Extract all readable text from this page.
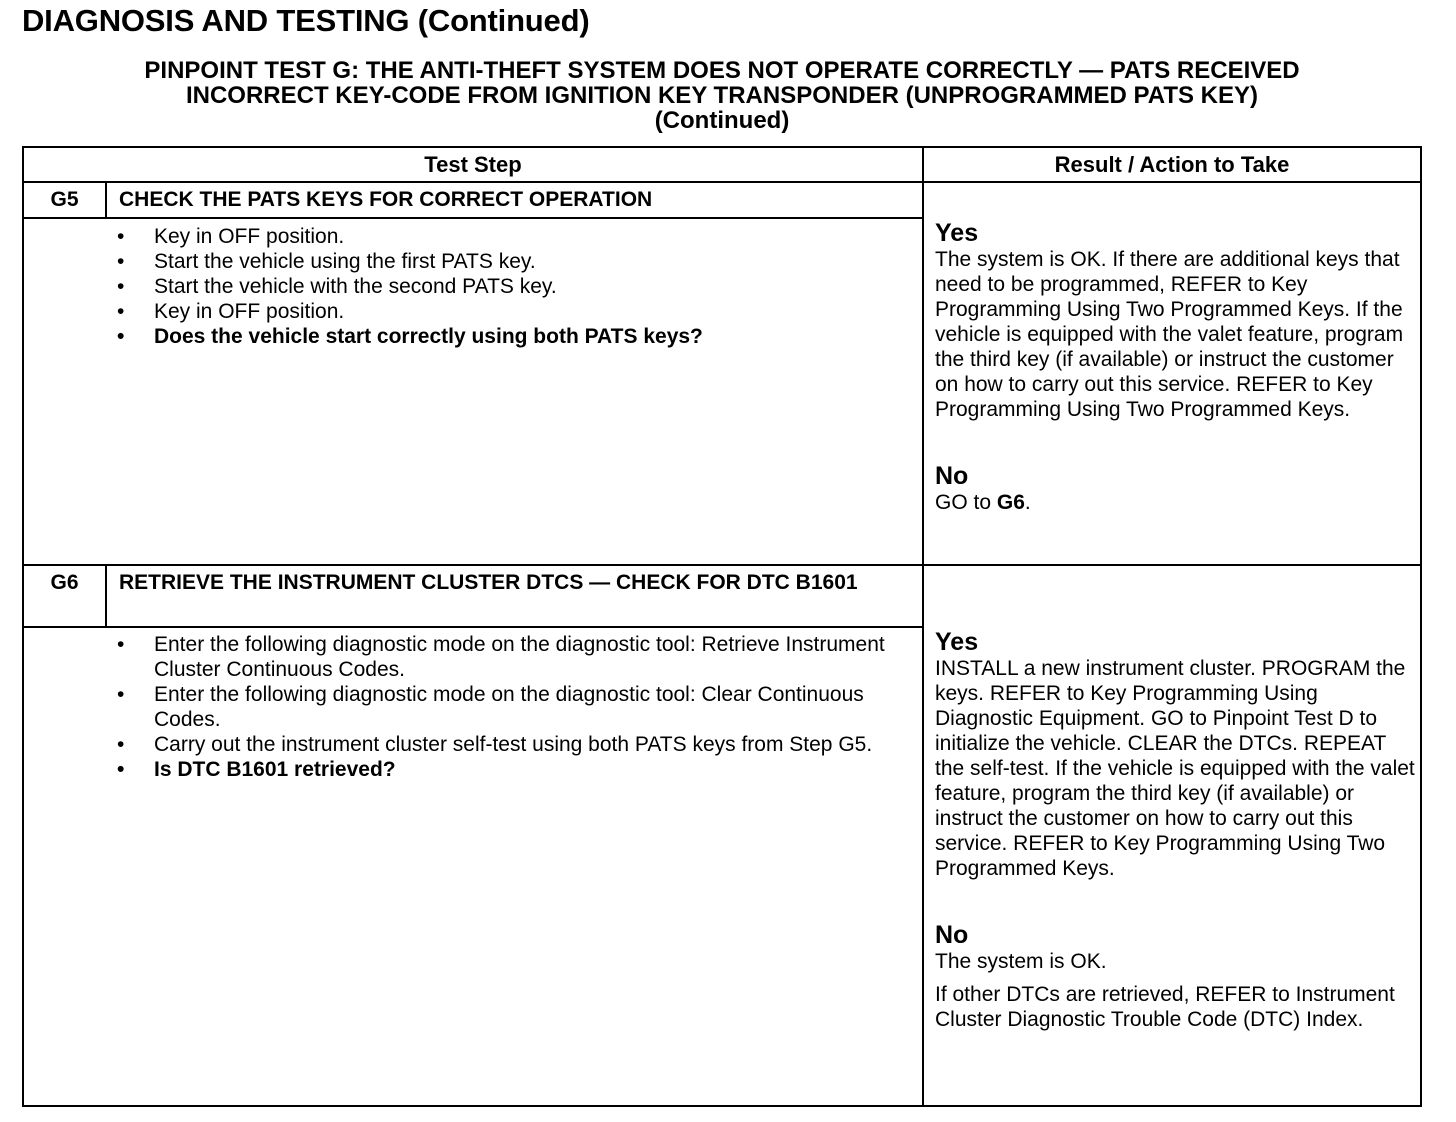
DIAGNOSIS AND TESTING (Continued)
PINPOINT TEST G: THE ANTI-THEFT SYSTEM DOES NOT OPERATE CORRECTLY — PATS RECEIVED
INCORRECT KEY-CODE FROM IGNITION KEY TRANSPONDER (UNPROGRAMMED PATS KEY)
(Continued)
Test Step	Result / Action to Take
G5	CHECK THE PATS KEYS FOR CORRECT OPERATION
• Key in OFF position.
• Start the vehicle using the first PATS key.
• Start the vehicle with the second PATS key.
• Key in OFF position.
• Does the vehicle start correctly using both PATS keys?
Yes

The system is OK. If there are additional keys that need to be programmed, REFER to Key Programming Using Two Programmed Keys. If the vehicle is equipped with the valet feature, program the third key (if available) or instruct the customer on how to carry out this service. REFER to Key Programming Using Two Programmed Keys.

No

GO to G6.

G6	RETRIEVE THE INSTRUMENT CLUSTER DTCS — CHECK FOR DTC B1601
• Enter the following diagnostic mode on the diagnostic tool: Retrieve Instrument Cluster Continuous Codes.
• Enter the following diagnostic mode on the diagnostic tool: Clear Continuous Codes.
• Carry out the instrument cluster self-test using both PATS keys from Step G5.
• Is DTC B1601 retrieved?
Yes

INSTALL a new instrument cluster. PROGRAM the keys. REFER to Key Programming Using Diagnostic Equipment. GO to Pinpoint Test D to initialize the vehicle. CLEAR the DTCs. REPEAT the self-test. If the vehicle is equipped with the valet feature, program the third key (if available) or instruct the customer on how to carry out this service. REFER to Key Programming Using Two Programmed Keys.

No

The system is OK.

If other DTCs are retrieved, REFER to Instrument Cluster Diagnostic Trouble Code (DTC) Index.
